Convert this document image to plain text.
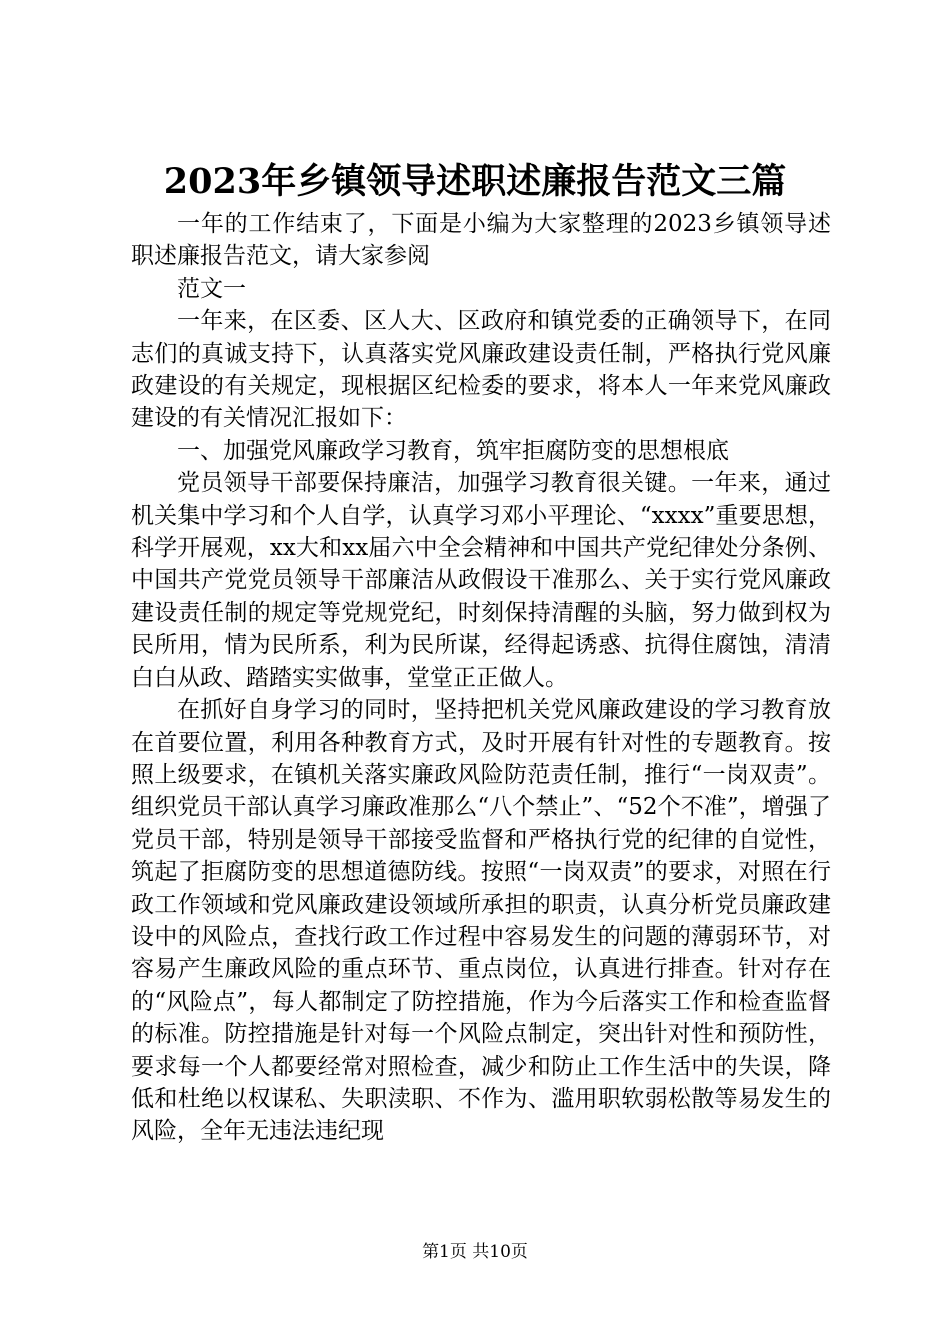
2023年乡镇领导述职述廉报告范文三篇

一年的工作结束了，下面是小编为大家整理的2023乡镇领导述职述廉报告范文，请大家参阅

范文一

一年来，在区委、区人大、区政府和镇党委的正确领导下，在同志们的真诚支持下，认真落实党风廉政建设责任制，严格执行党风廉政建设的有关规定，现根据区纪检委的要求，将本人一年来党风廉政建设的有关情况汇报如下：

一、加强党风廉政学习教育，筑牢拒腐防变的思想根底

党员领导干部要保持廉洁，加强学习教育很关键。一年来，通过机关集中学习和个人自学，认真学习邓小平理论、“xxxx”重要思想，科学开展观，xx大和xx届六中全会精神和中国共产党纪律处分条例、中国共产党党员领导干部廉洁从政假设干准那么、关于实行党风廉政建设责任制的规定等党规党纪，时刻保持清醒的头脑，努力做到权为民所用，情为民所系，利为民所谋，经得起诱惑、抗得住腐蚀，清清白白从政、踏踏实实做事，堂堂正正做人。

在抓好自身学习的同时，坚持把机关党风廉政建设的学习教育放在首要位置，利用各种教育方式，及时开展有针对性的专题教育。按照上级要求，在镇机关落实廉政风险防范责任制，推行“一岗双责”。组织党员干部认真学习廉政准那么“八个禁止”、“52个不准”，增强了党员干部，特别是领导干部接受监督和严格执行党的纪律的自觉性，筑起了拒腐防变的思想道德防线。按照“一岗双责”的要求，对照在行政工作领域和党风廉政建设领域所承担的职责，认真分析党员廉政建设中的风险点，查找行政工作过程中容易发生的问题的薄弱环节，对容易产生廉政风险的重点环节、重点岗位，认真进行排查。针对存在的“风险点”，每人都制定了防控措施，作为今后落实工作和检查监督的标准。防控措施是针对每一个风险点制定，突出针对性和预防性，要求每一个人都要经常对照检查，减少和防止工作生活中的失误，降低和杜绝以权谋私、失职渎职、不作为、滥用职软弱松散等易发生的风险，全年无违法违纪现

第1页 共10页
